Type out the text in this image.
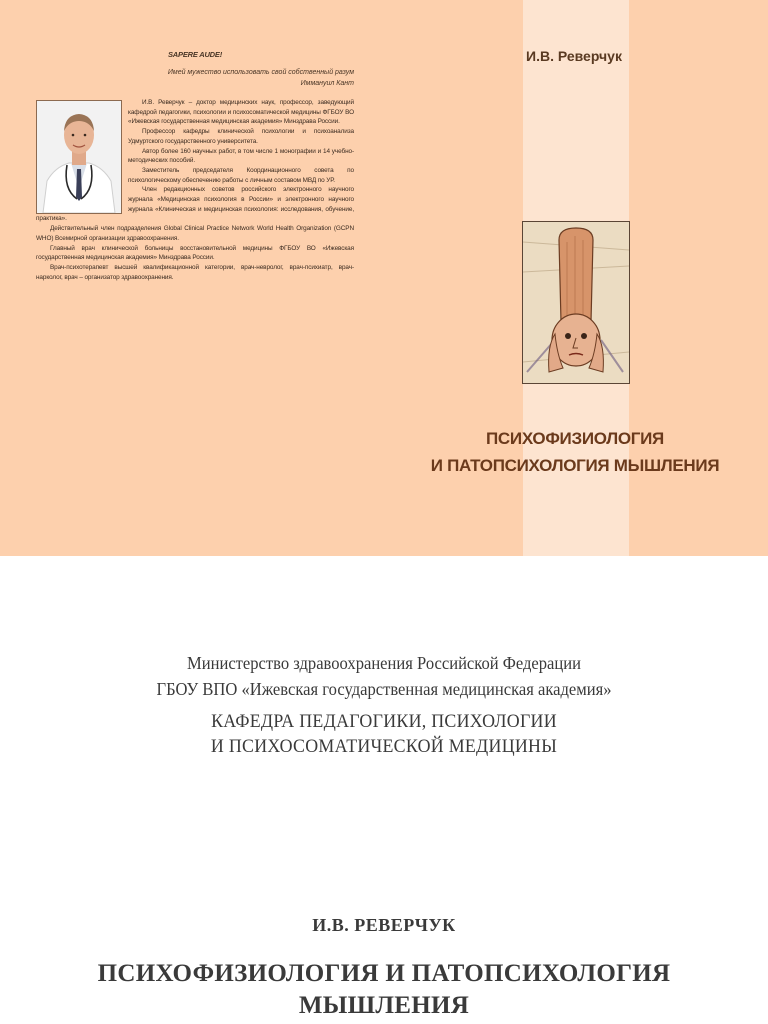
SAPERE AUDE!
Имей мужество использовать свой собственный разум
Иммануил Кант

И.В. Реверчук – доктор медицинских наук, профессор, заведующий кафедрой педагогики, психологии и психосоматической медицины ФГБОУ ВО «Ижевская государственная медицинская академия» Минздрава России.

Профессор кафедры клинической психологии и психоанализа Удмуртского государственного университета.

Автор более 160 научных работ, в том числе 1 монографии и 14 учебно-методических пособий.

Заместитель председателя Координационного совета по психологическому обеспечению работы с личным составом МВД по УР.

Член редакционных советов российского электронного научного журнала «Медицинская психология в России» и электронного научного журнала «Клиническая и медицинская психология: исследования, обучение, практика».

Действительный член подразделения Global Clinical Practice Network World Health Organization (GCPN WHO) Всемирной организации здравоохранения.

Главный врач клинической больницы восстановительной медицины ФГБОУ ВО «Ижевская государственная медицинская академия» Минздрава России.

Врач-психотерапевт высшей квалификационной категории, врач-невролог, врач-психиатр, врач-нарколог, врач – организатор здравоохранения.

И.В. Реверчук
ПСИХОФИЗИОЛОГИЯ
И ПАТОПСИХОЛОГИЯ МЫШЛЕНИЯ
Министерство здравоохранения Российской Федерации
ГБОУ ВПО «Ижевская государственная медицинская академия»
КАФЕДРА ПЕДАГОГИКИ, ПСИХОЛОГИИ
И ПСИХОСОМАТИЧЕСКОЙ МЕДИЦИНЫ
И.В. РЕВЕРЧУК
ПСИХОФИЗИОЛОГИЯ И ПАТОПСИХОЛОГИЯ
МЫШЛЕНИЯ
